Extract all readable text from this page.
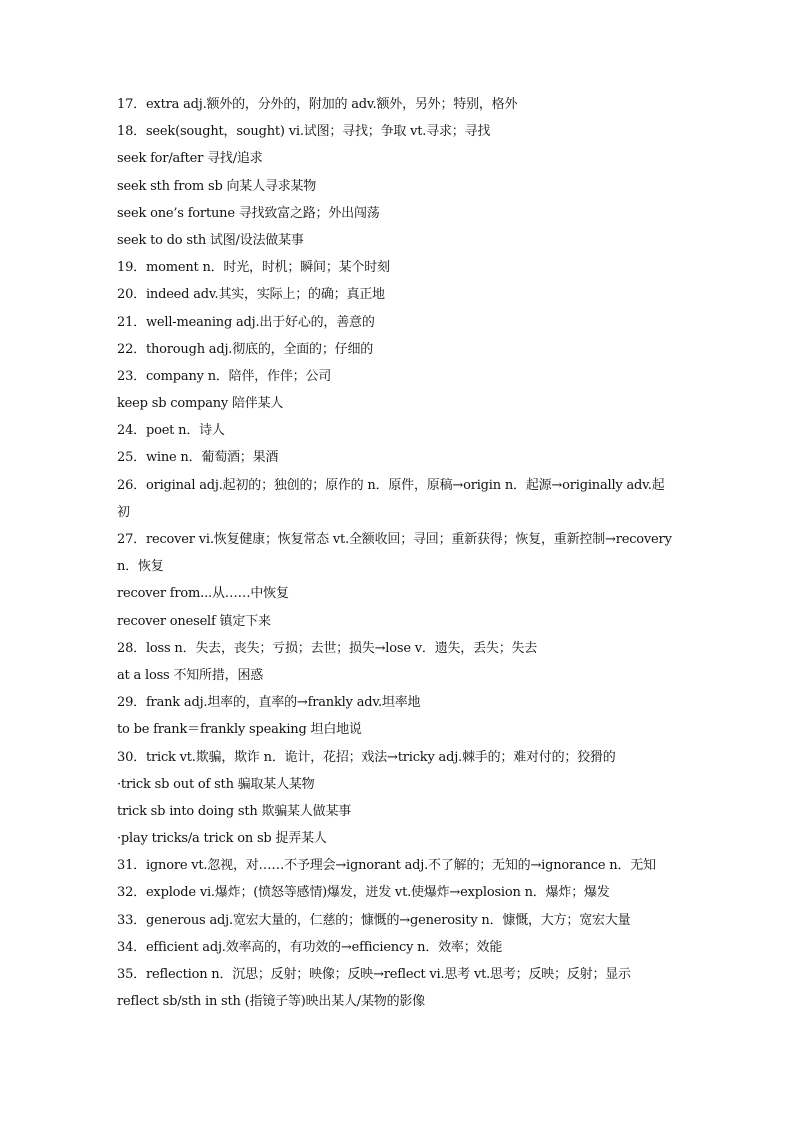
17．extra adj.额外的，分外的，附加的 adv.额外，另外；特别，格外
18．seek(sought，sought) vi.试图；寻找；争取 vt.寻求；寻找
seek for/after 寻找/追求
seek sth from sb 向某人寻求某物
seek one’s fortune 寻找致富之路；外出闯荡
seek to do sth 试图/设法做某事
19．moment n．时光，时机；瞬间；某个时刻
20．indeed adv.其实，实际上；的确；真正地
21．well-meaning adj.出于好心的，善意的
22．thorough adj.彻底的，全面的；仔细的
23．company n．陪伴，作伴；公司
keep sb company 陪伴某人
24．poet n．诗人
25．wine n．葡萄酒；果酒
26．original adj.起初的；独创的；原作的 n．原件，原稿→origin n．起源→originally adv.起
初
27．recover vi.恢复健康；恢复常态 vt.全额收回；寻回；重新获得；恢复，重新控制→recovery
n．恢复
recover from...从……中恢复
recover oneself 镇定下来
28．loss n．失去，丧失；亏损；去世；损失→lose v．遗失，丢失；失去
at a loss 不知所措，困惑
29．frank adj.坦率的，直率的→frankly adv.坦率地
to be frank＝frankly speaking 坦白地说
30．trick vt.欺骗，欺诈 n．诡计，花招；戏法→tricky adj.棘手的；难对付的；狡猾的
·trick sb out of sth 骗取某人某物
trick sb into doing sth 欺骗某人做某事
·play tricks/a trick on sb 捉弄某人
31．ignore vt.忽视，对……不予理会→ignorant adj.不了解的；无知的→ignorance n．无知
32．explode vi.爆炸；(愤怒等感情)爆发，迸发 vt.使爆炸→explosion n．爆炸；爆发
33．generous adj.宽宏大量的，仁慈的；慷慨的→generosity n．慷慨，大方；宽宏大量
34．efficient adj.效率高的，有功效的→efficiency n．效率；效能
35．reflection n．沉思；反射；映像；反映→reflect vi.思考 vt.思考；反映；反射；显示
reflect sb/sth in sth (指镜子等)映出某人/某物的影像
